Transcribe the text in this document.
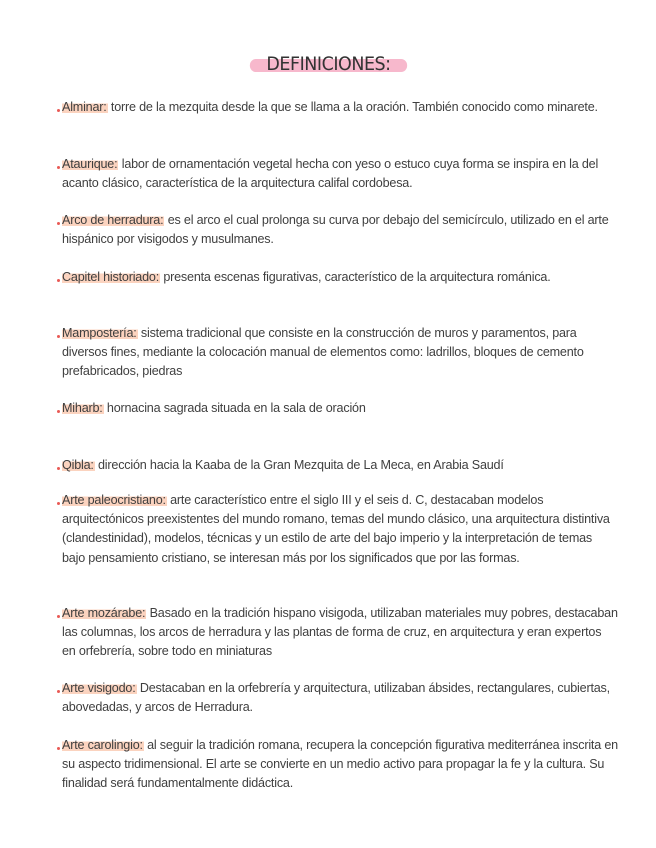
DEFINICIONES:
Alminar: torre de la mezquita desde la que se llama a la oración. También conocido como minarete.
Ataurique: labor de ornamentación vegetal hecha con yeso o estuco cuya forma se inspira en la del acanto clásico, característica de la arquitectura califal cordobesa.
Arco de herradura: es el arco el cual prolonga su curva por debajo del semicírculo, utilizado en el arte hispánico por visigodos y musulmanes.
Capitel historiado: presenta escenas figurativas, característico de la arquitectura románica.
Mampostería: sistema tradicional que consiste en la construcción de muros y paramentos, para diversos fines, mediante la colocación manual de elementos como: ladrillos, bloques de cemento prefabricados, piedras
Miharb: hornacina sagrada situada en la sala de oración
Qibla: dirección hacia la Kaaba de la Gran Mezquita de La Meca, en Arabia Saudí
Arte paleocristiano: arte característico entre el siglo III y el seis d. C, destacaban modelos arquitectónicos preexistentes del mundo romano, temas del mundo clásico, una arquitectura distintiva (clandestinidad), modelos, técnicas y un estilo de arte del bajo imperio y la interpretación de temas bajo pensamiento cristiano, se interesan más por los significados que por las formas.
Arte mozárabe: Basado en la tradición hispano visigoda, utilizaban materiales muy pobres, destacaban las columnas, los arcos de herradura y las plantas de forma de cruz, en arquitectura y eran expertos en orfebrería, sobre todo en miniaturas
Arte visigodo: Destacaban en la orfebrería y arquitectura, utilizaban ábsides, rectangulares, cubiertas, abovedadas, y arcos de Herradura.
Arte carolingio: al seguir la tradición romana, recupera la concepción figurativa mediterránea inscrita en su aspecto tridimensional. El arte se convierte en un medio activo para propagar la fe y la cultura. Su finalidad será fundamentalmente didáctica.
